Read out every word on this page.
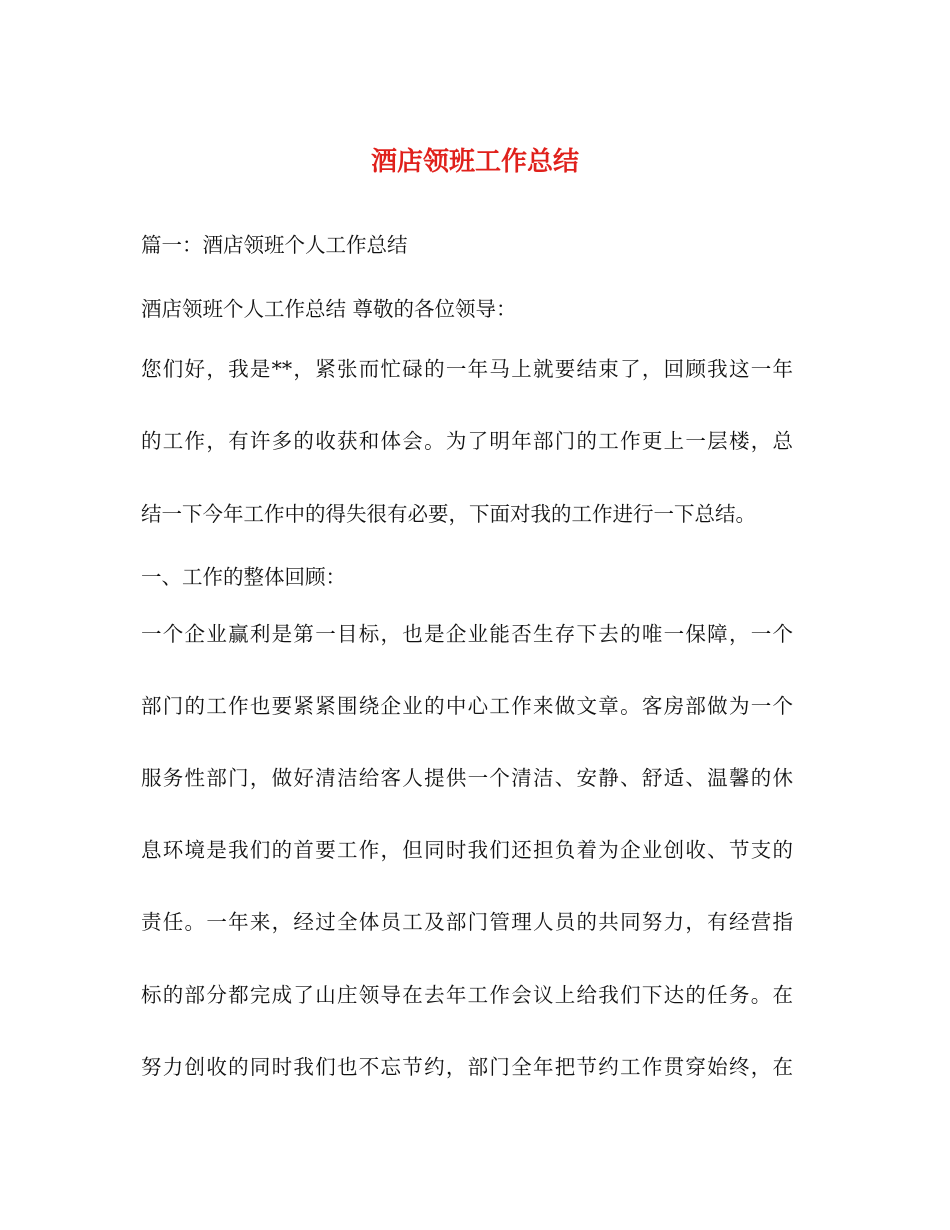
酒店领班工作总结
篇一：酒店领班个人工作总结
酒店领班个人工作总结 尊敬的各位领导：
您们好，我是**，紧张而忙碌的一年马上就要结束了，回顾我这一年
的工作，有许多的收获和体会。为了明年部门的工作更上一层楼，总
结一下今年工作中的得失很有必要，下面对我的工作进行一下总结。
一、工作的整体回顾：
一个企业赢利是第一目标，也是企业能否生存下去的唯一保障，一个
部门的工作也要紧紧围绕企业的中心工作来做文章。客房部做为一个
服务性部门，做好清洁给客人提供一个清洁、安静、舒适、温馨的休
息环境是我们的首要工作，但同时我们还担负着为企业创收、节支的
责任。一年来，经过全体员工及部门管理人员的共同努力，有经营指
标的部分都完成了山庄领导在去年工作会议上给我们下达的任务。在
努力创收的同时我们也不忘节约，部门全年把节约工作贯穿始终，在
